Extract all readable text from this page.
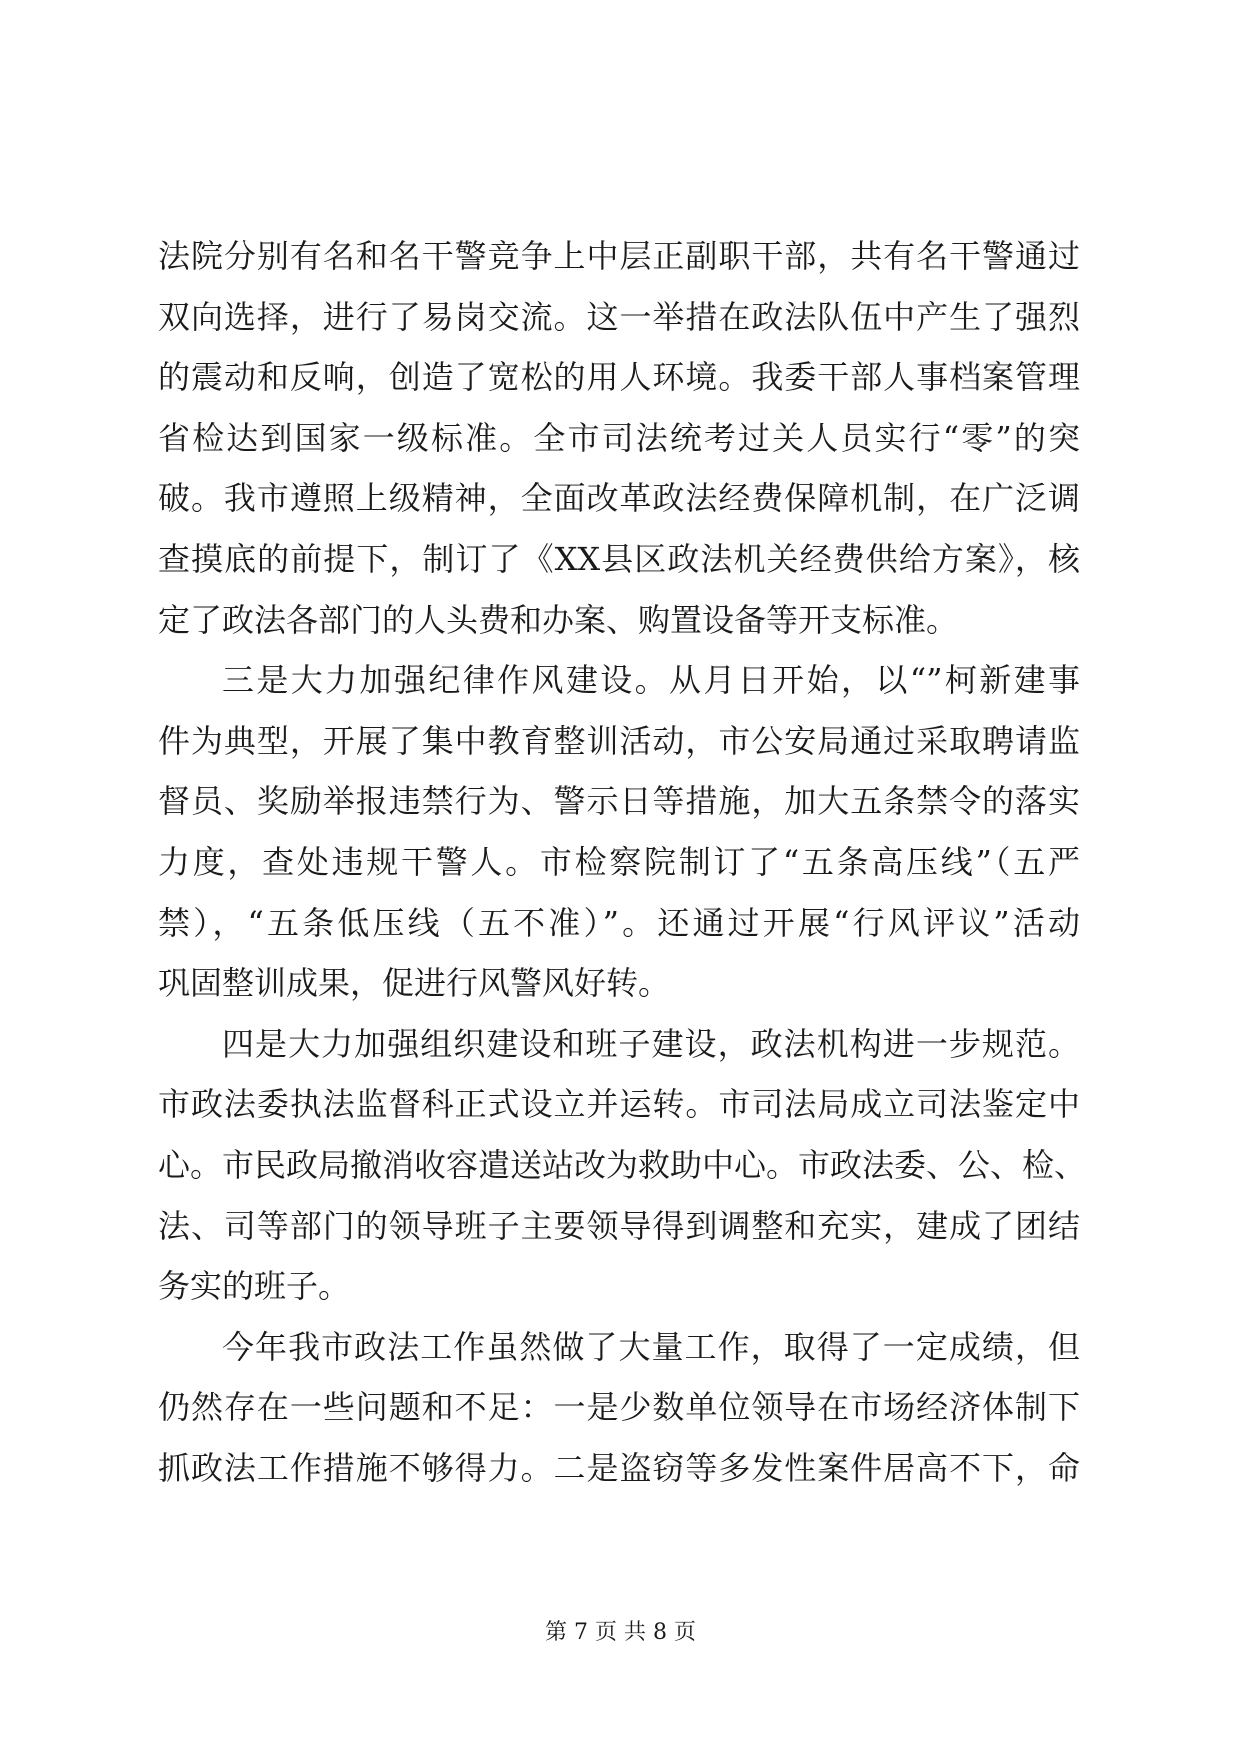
法院分别有名和名干警竞争上中层正副职干部，共有名干警通过
双向选择，进行了易岗交流。这一举措在政法队伍中产生了强烈
的震动和反响，创造了宽松的用人环境。我委干部人事档案管理
省检达到国家一级标准。全市司法统考过关人员实行“零”的突
破。我市遵照上级精神，全面改革政法经费保障机制，在广泛调
查摸底的前提下，制订了《XX县区政法机关经费供给方案》，核
定了政法各部门的人头费和办案、购置设备等开支标准。
三是大力加强纪律作风建设。从月日开始，以“”柯新建事
件为典型，开展了集中教育整训活动，市公安局通过采取聘请监
督员、奖励举报违禁行为、警示日等措施，加大五条禁令的落实
力度，查处违规干警人。市检察院制订了“五条高压线”（五严
禁），“五条低压线（五不准）”。还通过开展“行风评议”活动
巩固整训成果，促进行风警风好转。
四是大力加强组织建设和班子建设，政法机构进一步规范。
市政法委执法监督科正式设立并运转。市司法局成立司法鉴定中
心。市民政局撤消收容遣送站改为救助中心。市政法委、公、检、
法、司等部门的领导班子主要领导得到调整和充实，建成了团结
务实的班子。
今年我市政法工作虽然做了大量工作，取得了一定成绩，但
仍然存在一些问题和不足：一是少数单位领导在市场经济体制下
抓政法工作措施不够得力。二是盗窃等多发性案件居高不下，命
第 7 页 共 8 页
